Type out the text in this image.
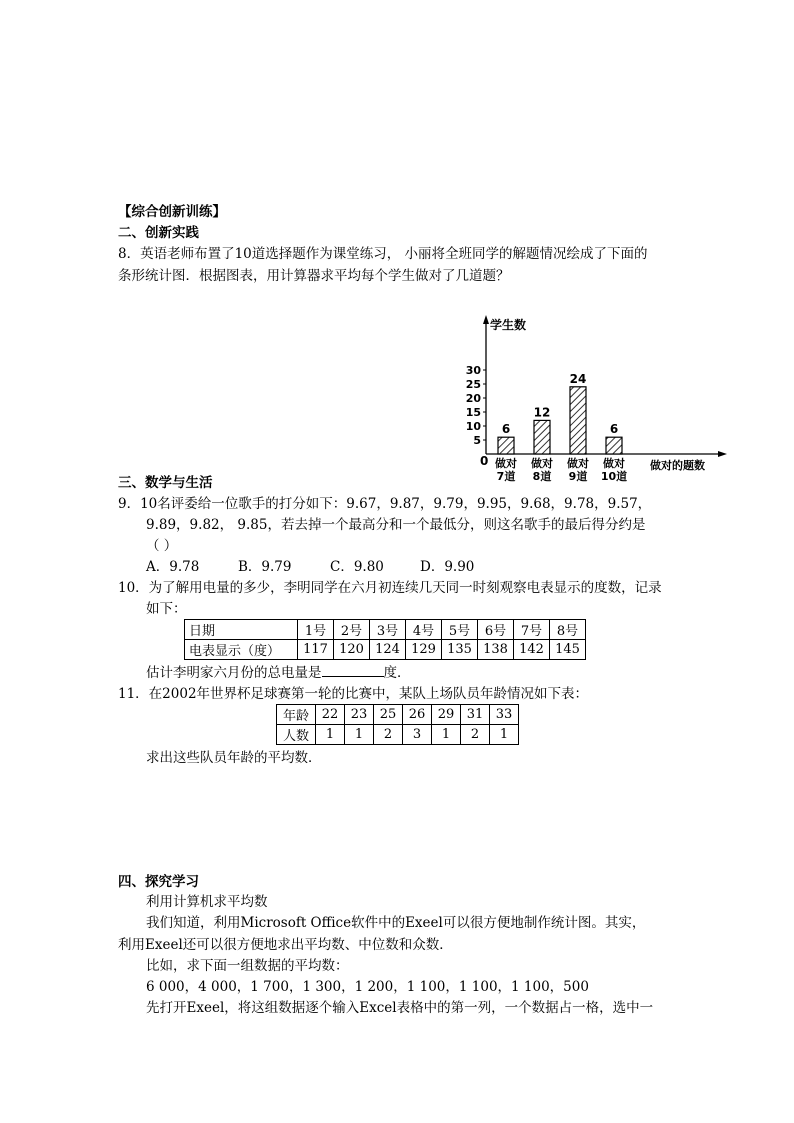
【综合创新训练】
二、创新实践
8．英语老师布置了10道选择题作为课堂练习， 小丽将全班同学的解题情况绘成了下面的
条形统计图．根据图表，用计算器求平均每个学生做对了几道题？
学生数
做对的题数
0
5
10
15
20
25
30
6
做对
7道
12
做对
8道
24
做对
9道
6
做对
10道
三、数学与生活
9．10名评委给一位歌手的打分如下：9.67，9.87，9.79，9.95，9.68，9.78，9.57，
9.89，9.82， 9.85，若去掉一个最高分和一个最低分，则这名歌手的最后得分约是
（ ）
A．9.78	B．9.79	C．9.80	D．9.90
10．为了解用电量的多少，李明同学在六月初连续几天同一时刻观察电表显示的度数，记录
如下：
日期	1号	2号	3号	4号	5号	6号	7号	8号
电表显示（度）	117	120	124	129	135	138	142	145
估计李明家六月份的总电量是	度．
11．在2002年世界杯足球赛第一轮的比赛中，某队上场队员年龄情况如下表：
年龄	22	23	25	26	29	31	33
人数	1	1	2	3	1	2	1
求出这些队员年龄的平均数．
四、探究学习
利用计算机求平均数
我们知道，利用Microsoft Office软件中的Exeel可以很方便地制作统计图。其实，
利用Exeel还可以很方便地求出平均数、中位数和众数．
比如，求下面一组数据的平均数：
6 000，4 000，1 700，1 300，1 200，1 100，1 100，1 100，500
先打开Exeel，将这组数据逐个输入Excel表格中的第一列，一个数据占一格，选中一
